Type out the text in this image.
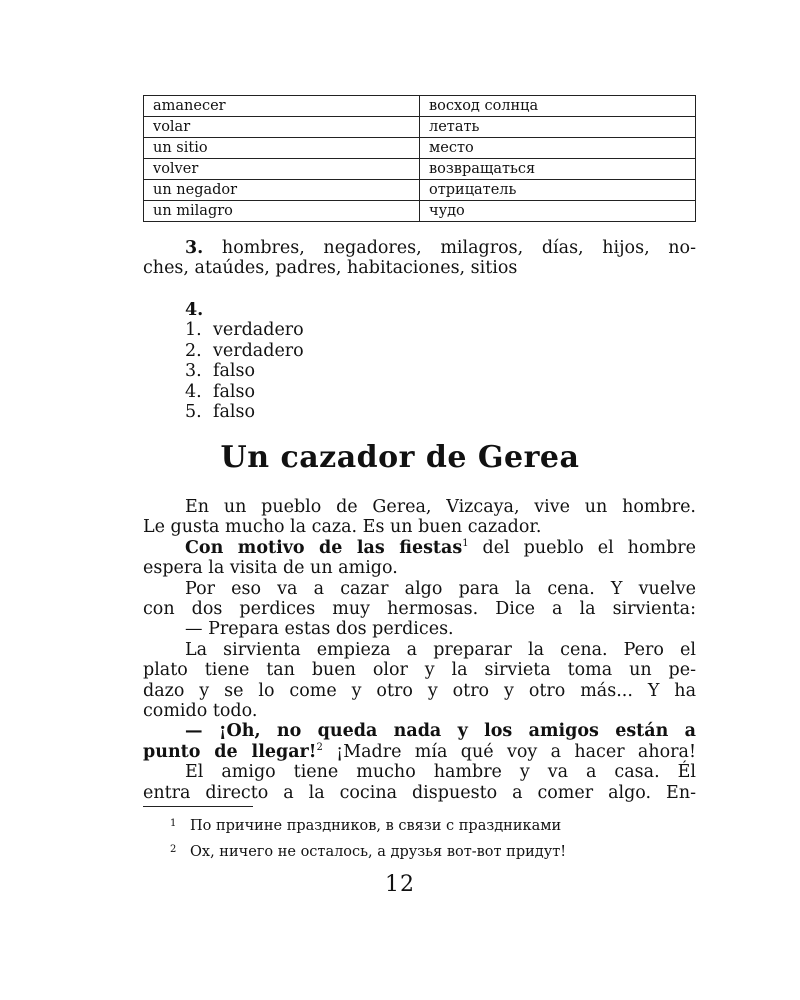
amanecer	восход солнца
volar	летать
un sitio	место
volver	возвращаться
un negador	отрицатель
un milagro	чудо
3. hombres, negadores, milagros, días, hijos, no-
ches, ataúdes, padres, habitaciones, sitios
4.
1. verdadero
2. verdadero
3. falso
4. falso
5. falso
Un cazador de Gerea
En un pueblo de Gerea, Vizcaya, vive un hombre.
Le gusta mucho la caza. Es un buen cazador.
Con motivo de las fiestas$^1$ del pueblo el hombre
espera la visita de un amigo.
Por eso va a cazar algo para la cena. Y vuelve
con dos perdices muy hermosas. Dice a la sirvienta:
— Prepara estas dos perdices.
La sirvienta empieza a preparar la cena. Pero el
plato tiene tan buen olor y la sirvieta toma un pe-
dazo y se lo come y otro y otro y otro más... Y ha
comido todo.
— ¡Oh, no queda nada y los amigos están a
punto de llegar!$^2$ ¡Madre mía qué voy a hacer ahora!
El amigo tiene mucho hambre y va a casa. Él
entra directo a la cocina dispuesto a comer algo. En-
1 По причине праздников, в связи с праздниками
2 Ох, ничего не осталось, а друзья вот-вот придут!
12
